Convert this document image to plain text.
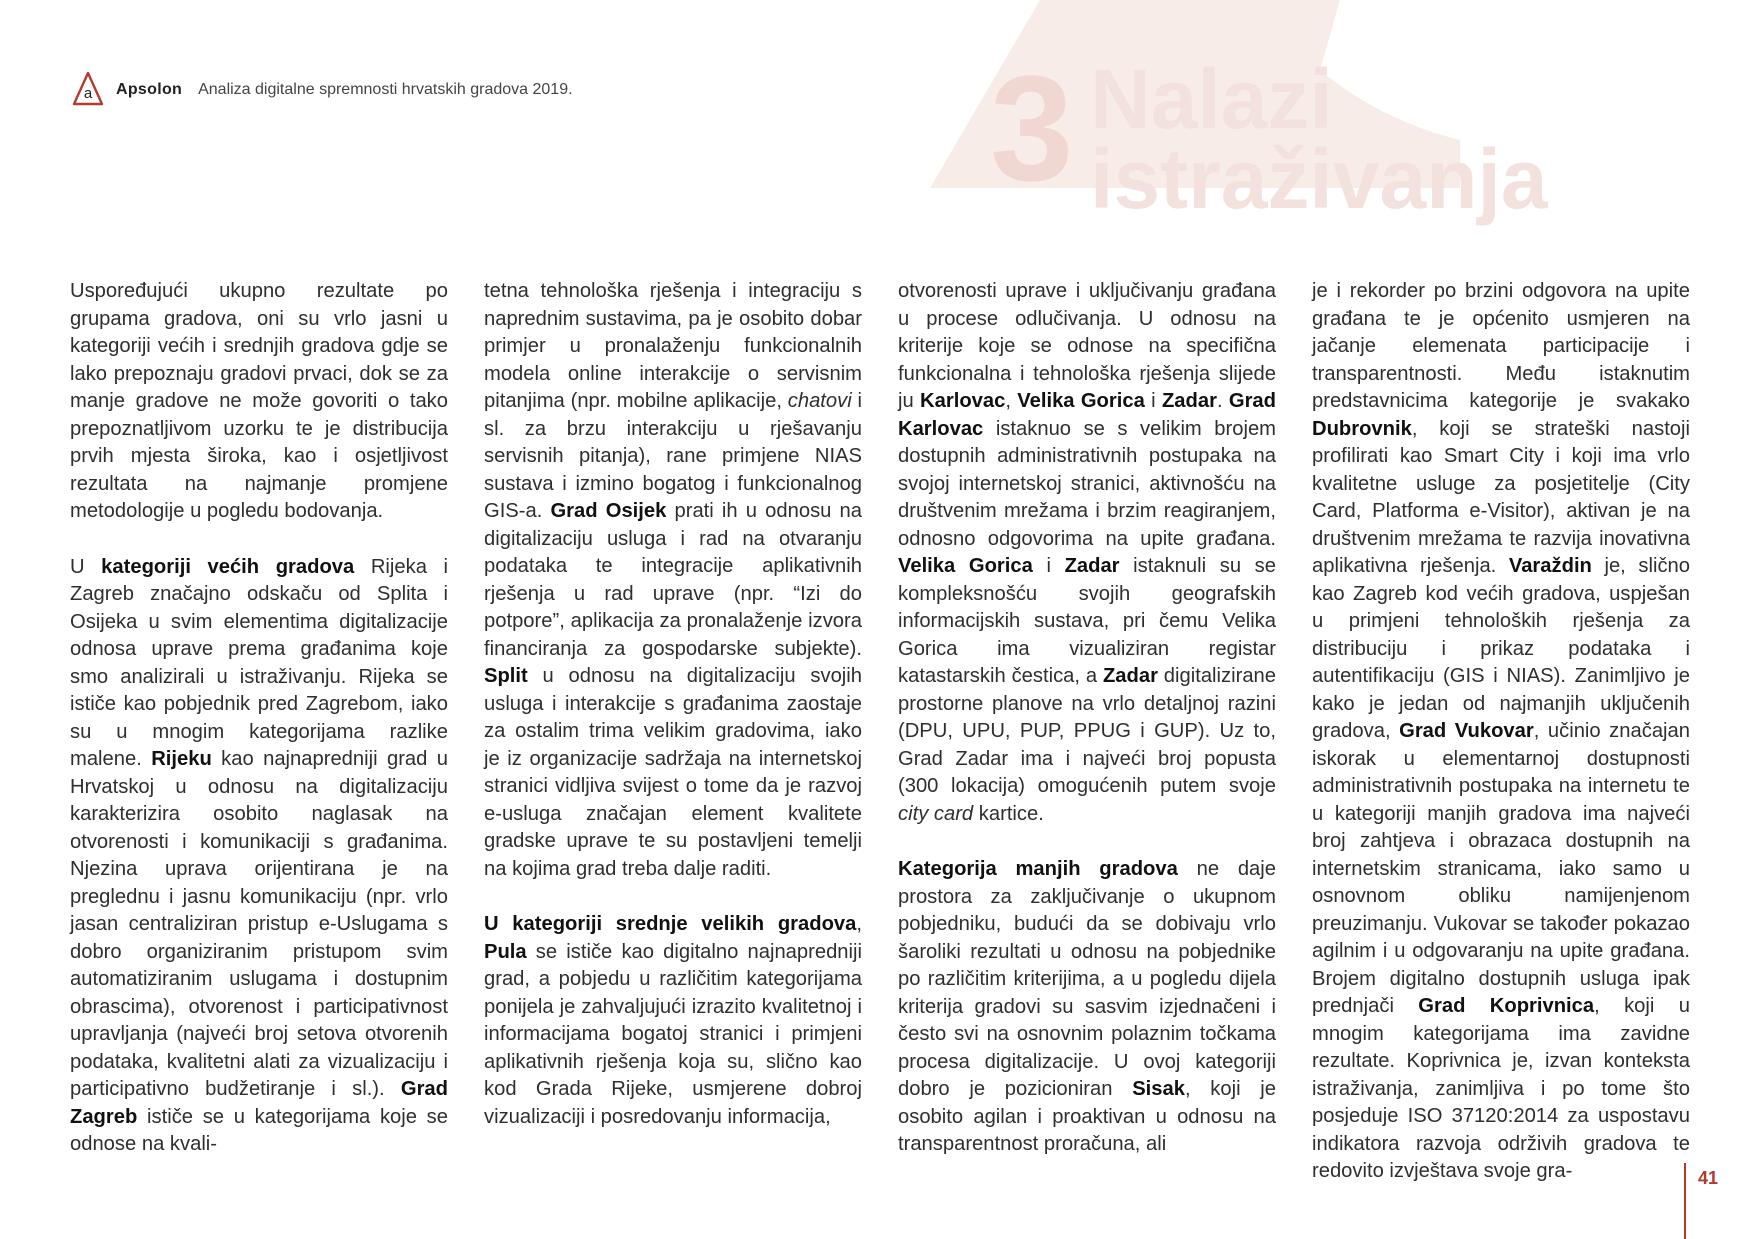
a Apsolon Analiza digitalne spremnosti hrvatskih gradova 2019.	3 Nalazi
istraživanja

Uspoređujući ukupno rezultate po grupama gradova, oni su vrlo jasni u kategoriji većih i srednjih gradova gdje se lako prepoznaju gradovi prvaci, dok se za manje gradove ne može govoriti o tako prepoznatljivom uzorku te je distribucija prvih mjesta široka, kao i osjetljivost rezultata na najmanje promjene metodologije u pogledu bodovanja.

U kategoriji većih gradova Rijeka i Zagreb značajno odskaču od Splita i Osijeka u svim elementima digitalizacije odnosa uprave prema građanima koje smo analizirali u istraživanju. Rijeka se ističe kao pobjednik pred Zagrebom, iako su u mnogim kategorijama razlike malene. Rijeku kao najnapredniji grad u Hrvatskoj u odnosu na digitalizaciju karakterizira osobito naglasak na otvorenosti i komunikaciji s građanima. Njezina uprava orijentirana je na preglednu i jasnu komunikaciju (npr. vrlo jasan centraliziran pristup e-Uslugama s dobro organiziranim pristupom svim automatiziranim uslugama i dostupnim obrascima), otvorenost i participativnost upravljanja (najveći broj setova otvorenih podataka, kvalitetni alati za vizualizaciju i participativno budžetiranje i sl.). Grad Zagreb ističe se u kategorijama koje se odnose na kvali-

tetna tehnološka rješenja i integraciju s naprednim sustavima, pa je osobito dobar primjer u pronalaženju funkcionalnih modela online interakcije o servisnim pitanjima (npr. mobilne aplikacije, chatovi i sl. za brzu interakciju u rješavanju servisnih pitanja), rane primjene NIAS sustava i izmino bogatog i funkcionalnog GIS-a. Grad Osijek prati ih u odnosu na digitalizaciju usluga i rad na otvaranju podataka te integracije aplikativnih rješenja u rad uprave (npr. “Izi do potpore”, aplikacija za pronalaženje izvora financiranja za gospodarske subjekte). Split u odnosu na digitalizaciju svojih usluga i interakcije s građanima zaostaje za ostalim trima velikim gradovima, iako je iz organizacije sadržaja na internetskoj stranici vidljiva svijest o tome da je razvoj e-usluga značajan element kvalitete gradske uprave te su postavljeni temelji na kojima grad treba dalje raditi.

U kategoriji srednje velikih gradova, Pula se ističe kao digitalno najnapredniji grad, a pobjedu u različitim kategorijama ponijela je zahvaljujući izrazito kvalitetnoj i informacijama bogatoj stranici i primjeni aplikativnih rješenja koja su, slično kao kod Grada Rijeke, usmjerene dobroj vizualizaciji i posredovanju informacija,

otvorenosti uprave i uključivanju građana u procese odlučivanja. U odnosu na kriterije koje se odnose na specifična funkcionalna i tehnološka rješenja slijede ju Karlovac, Velika Gorica i Zadar. Grad Karlovac istaknuo se s velikim brojem dostupnih administrativnih postupaka na svojoj internetskoj stranici, aktivnošću na društvenim mrežama i brzim reagiranjem, odnosno odgovorima na upite građana. Velika Gorica i Zadar istaknuli su se kompleksnošću svojih geografskih informacijskih sustava, pri čemu Velika Gorica ima vizualiziran registar katastarskih čestica, a Zadar digitalizirane prostorne planove na vrlo detaljnoj razini (DPU, UPU, PUP, PPUG i GUP). Uz to, Grad Zadar ima i najveći broj popusta (300 lokacija) omogućenih putem svoje city card kartice.

Kategorija manjih gradova ne daje prostora za zaključivanje o ukupnom pobjedniku, budući da se dobivaju vrlo šaroliki rezultati u odnosu na pobjednike po različitim kriterijima, a u pogledu dijela kriterija gradovi su sasvim izjednačeni i često svi na osnovnim polaznim točkama procesa digitalizacije. U ovoj kategoriji dobro je pozicioniran Sisak, koji je osobito agilan i proaktivan u odnosu na transparentnost proračuna, ali

je i rekorder po brzini odgovora na upite građana te je općenito usmjeren na jačanje elemenata participacije i transparentnosti. Među istaknutim predstavnicima kategorije je svakako Dubrovnik, koji se strateški nastoji profilirati kao Smart City i koji ima vrlo kvalitetne usluge za posjetitelje (City Card, Platforma e-Visitor), aktivan je na društvenim mrežama te razvija inovativna aplikativna rješenja. Varaždin je, slično kao Zagreb kod većih gradova, uspješan u primjeni tehnoloških rješenja za distribuciju i prikaz podataka i autentifikaciju (GIS i NIAS). Zanimljivo je kako je jedan od najmanjih uključenih gradova, Grad Vukovar, učinio značajan iskorak u elementarnoj dostupnosti administrativnih postupaka na internetu te u kategoriji manjih gradova ima najveći broj zahtjeva i obrazaca dostupnih na internetskim stranicama, iako samo u osnovnom obliku namijenjenom preuzimanju. Vukovar se također pokazao agilnim i u odgovaranju na upite građana. Brojem digitalno dostupnih usluga ipak prednjači Grad Koprivnica, koji u mnogim kategorijama ima zavidne rezultate. Koprivnica je, izvan konteksta istraživanja, zanimljiva i po tome što posjeduje ISO 37120:2014 za uspostavu indikatora razvoja održivih gradova te redovito izvještava svoje gra-	41
